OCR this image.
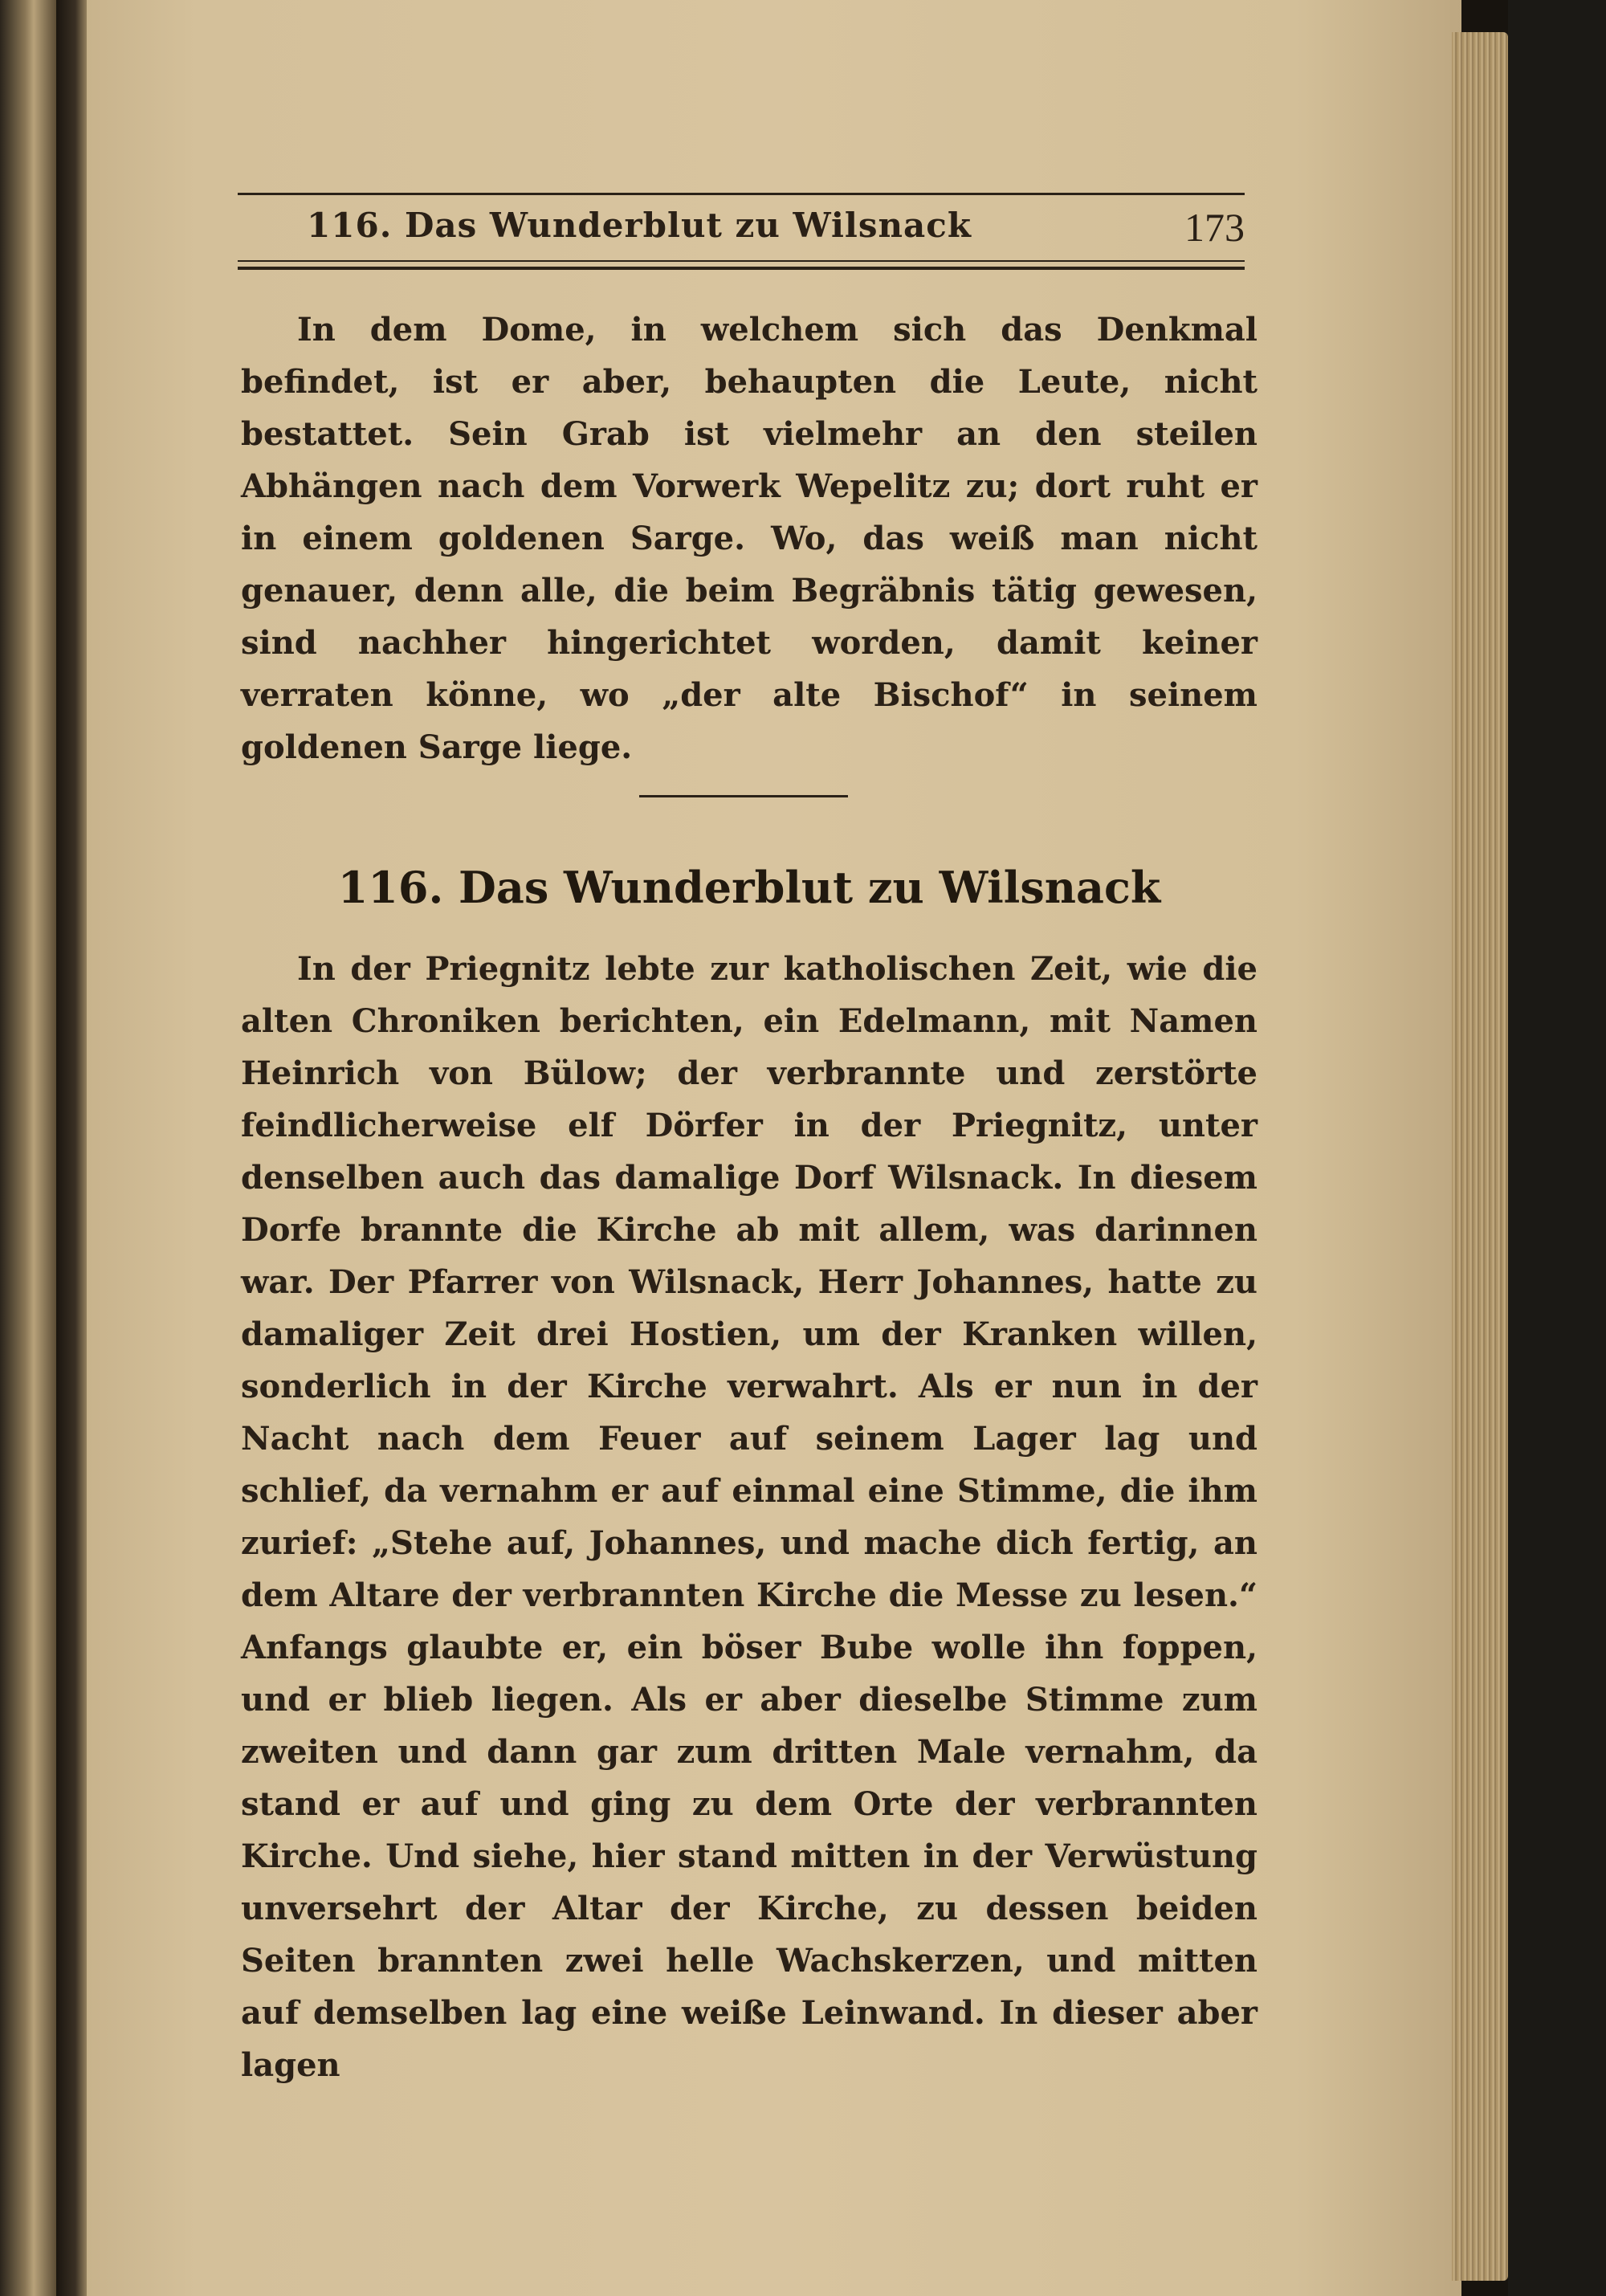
116. Das Wunderblut zu Wilsnack	173

In dem Dome, in welchem sich das Denkmal befindet, ist er aber, behaupten die Leute, nicht bestattet. Sein Grab ist vielmehr an den steilen Abhängen nach dem Vorwerk Wepelitz zu; dort ruht er in einem goldenen Sarge. Wo, das weiß man nicht genauer, denn alle, die beim Begräbnis tätig gewesen, sind nachher hingerichtet worden, damit keiner verraten könne, wo „der alte Bischof“ in seinem goldenen Sarge liege.

116. Das Wunderblut zu Wilsnack

In der Priegnitz lebte zur katholischen Zeit, wie die alten Chroniken berichten, ein Edelmann, mit Namen Heinrich von Bülow; der verbrannte und zerstörte feindlicherweise elf Dörfer in der Priegnitz, unter denselben auch das damalige Dorf Wilsnack. In diesem Dorfe brannte die Kirche ab mit allem, was darinnen war. Der Pfarrer von Wilsnack, Herr Johannes, hatte zu damaliger Zeit drei Hostien, um der Kranken willen, sonderlich in der Kirche verwahrt. Als er nun in der Nacht nach dem Feuer auf seinem Lager lag und schlief, da vernahm er auf einmal eine Stimme, die ihm zurief: „Stehe auf, Johannes, und mache dich fertig, an dem Altare der verbrannten Kirche die Messe zu lesen.“ Anfangs glaubte er, ein böser Bube wolle ihn foppen, und er blieb liegen. Als er aber dieselbe Stimme zum zweiten und dann gar zum dritten Male vernahm, da stand er auf und ging zu dem Orte der verbrannten Kirche. Und siehe, hier stand mitten in der Verwüstung unversehrt der Altar der Kirche, zu dessen beiden Seiten brannten zwei helle Wachskerzen, und mitten auf demselben lag eine weiße Leinwand. In dieser aber lagen
